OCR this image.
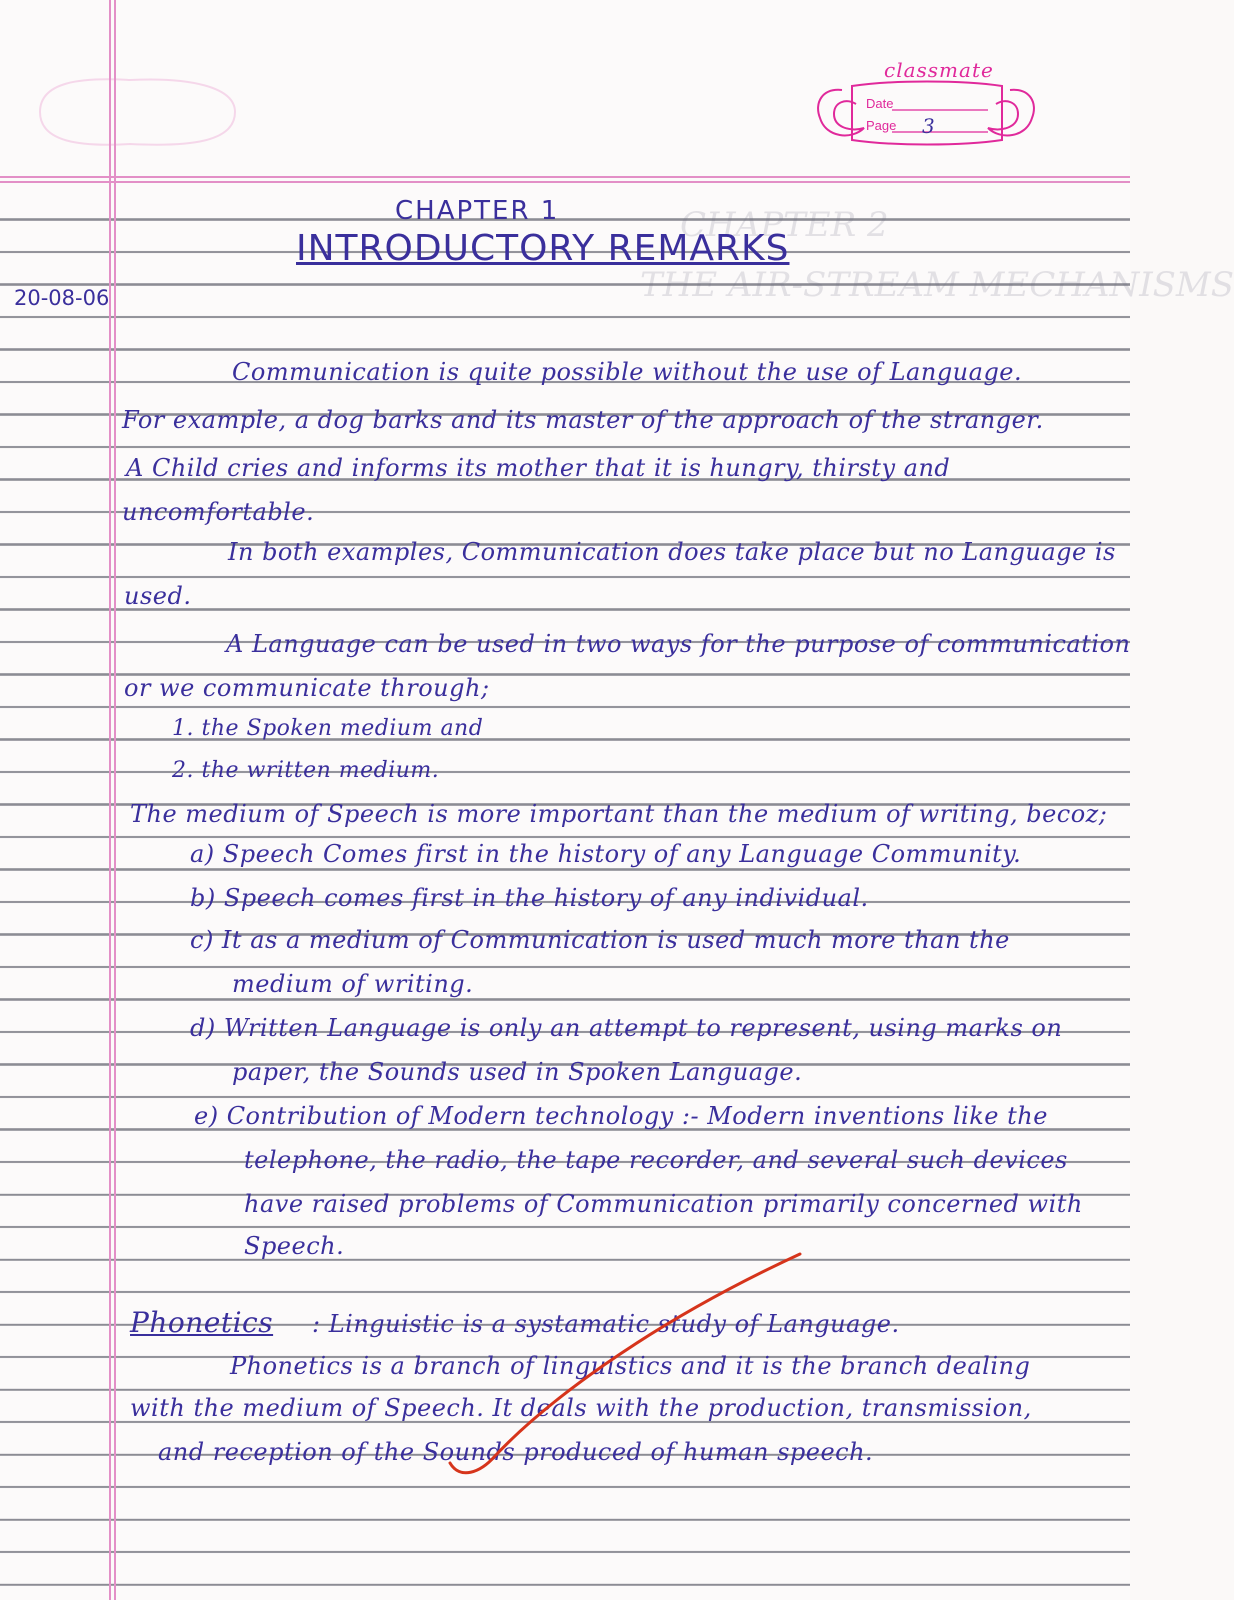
CHAPTER 2
THE AIR-STREAM MECHANISMS
classmate
Date
Page 3
CHAPTER 1
INTRODUCTORY REMARKS
20-08-06
Communication is quite possible without the use of Language.
For example, a dog barks and its master of the approach of the stranger.
A Child cries and informs its mother that it is hungry, thirsty and
uncomfortable.
In both examples, Communication does take place but no Language is
used.
A Language can be used in two ways for the purpose of communication
or we communicate through;
1. the Spoken medium and
2. the written medium.
The medium of Speech is more important than the medium of writing, becoz;
a) Speech Comes first in the history of any Language Community.
b) Speech comes first in the history of any individual.
c) It as a medium of Communication is used much more than the
medium of writing.
d) Written Language is only an attempt to represent, using marks on
paper, the Sounds used in Spoken Language.
e) Contribution of Modern technology :- Modern inventions like the
telephone, the radio, the tape recorder, and several such devices
have raised problems of Communication primarily concerned with
Speech.
Phonetics : Linguistic is a systamatic study of Language.
Phonetics is a branch of linguistics and it is the branch dealing
with the medium of Speech. It deals with the production, transmission,
and reception of the Sounds produced of human speech.
